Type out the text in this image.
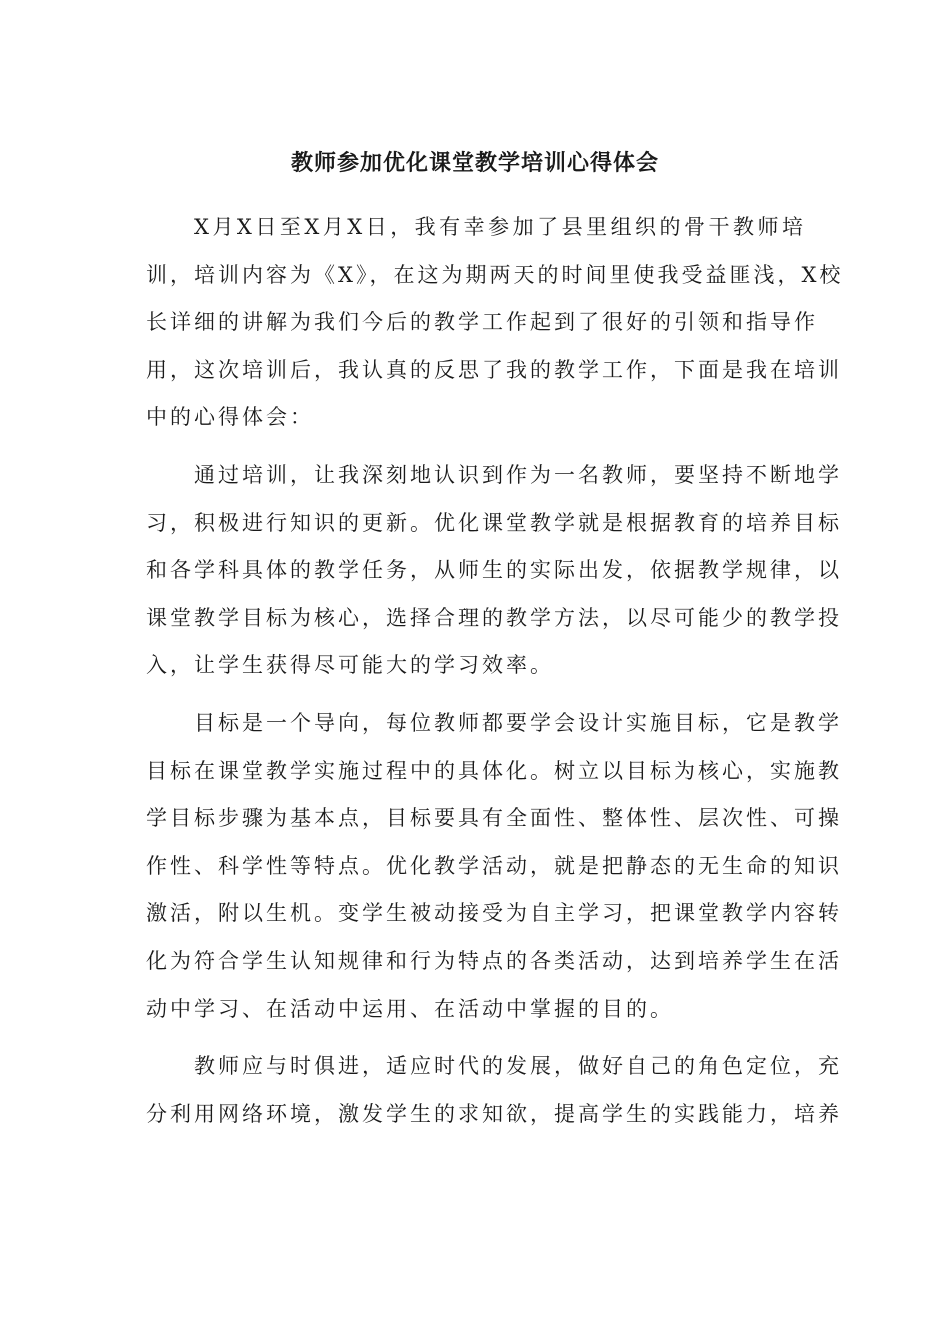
教师参加优化课堂教学培训心得体会

X月X日至X月X日，我有幸参加了县里组织的骨干教师培
训，培训内容为《X》，在这为期两天的时间里使我受益匪浅，X校
长详细的讲解为我们今后的教学工作起到了很好的引领和指导作
用，这次培训后，我认真的反思了我的教学工作，下面是我在培训
中的心得体会：

通过培训，让我深刻地认识到作为一名教师，要坚持不断地学
习，积极进行知识的更新。优化课堂教学就是根据教育的培养目标
和各学科具体的教学任务，从师生的实际出发，依据教学规律，以
课堂教学目标为核心，选择合理的教学方法，以尽可能少的教学投
入，让学生获得尽可能大的学习效率。

目标是一个导向，每位教师都要学会设计实施目标，它是教学
目标在课堂教学实施过程中的具体化。树立以目标为核心，实施教
学目标步骤为基本点，目标要具有全面性、整体性、层次性、可操
作性、科学性等特点。优化教学活动，就是把静态的无生命的知识
激活，附以生机。变学生被动接受为自主学习，把课堂教学内容转
化为符合学生认知规律和行为特点的各类活动，达到培养学生在活
动中学习、在活动中运用、在活动中掌握的目的。

教师应与时俱进，适应时代的发展，做好自己的角色定位，充
分利用网络环境，激发学生的求知欲，提高学生的实践能力，培养
